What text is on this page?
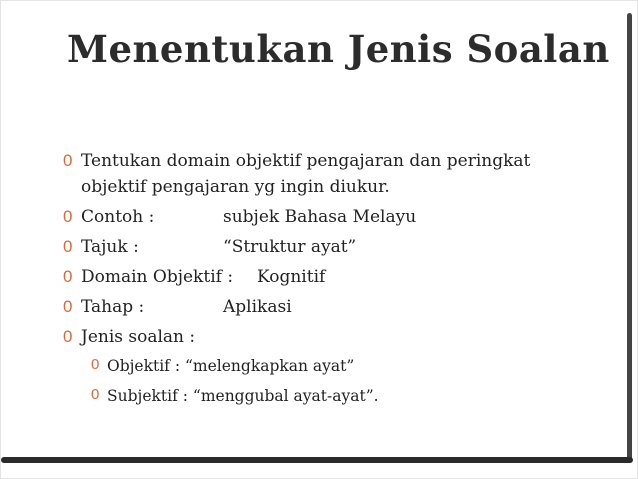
Menentukan Jenis Soalan
0 Tentukan domain objektif pengajaran dan peringkat
objektif pengajaran yg ingin diukur.
0 Contoh :	subjek Bahasa Melayu
0 Tajuk :	“Struktur ayat”
0 Domain Objektif : Kognitif
0 Tahap :	Aplikasi
0 Jenis soalan :
0 Objektif : “melengkapkan ayat”
0 Subjektif : “menggubal ayat-ayat”.
